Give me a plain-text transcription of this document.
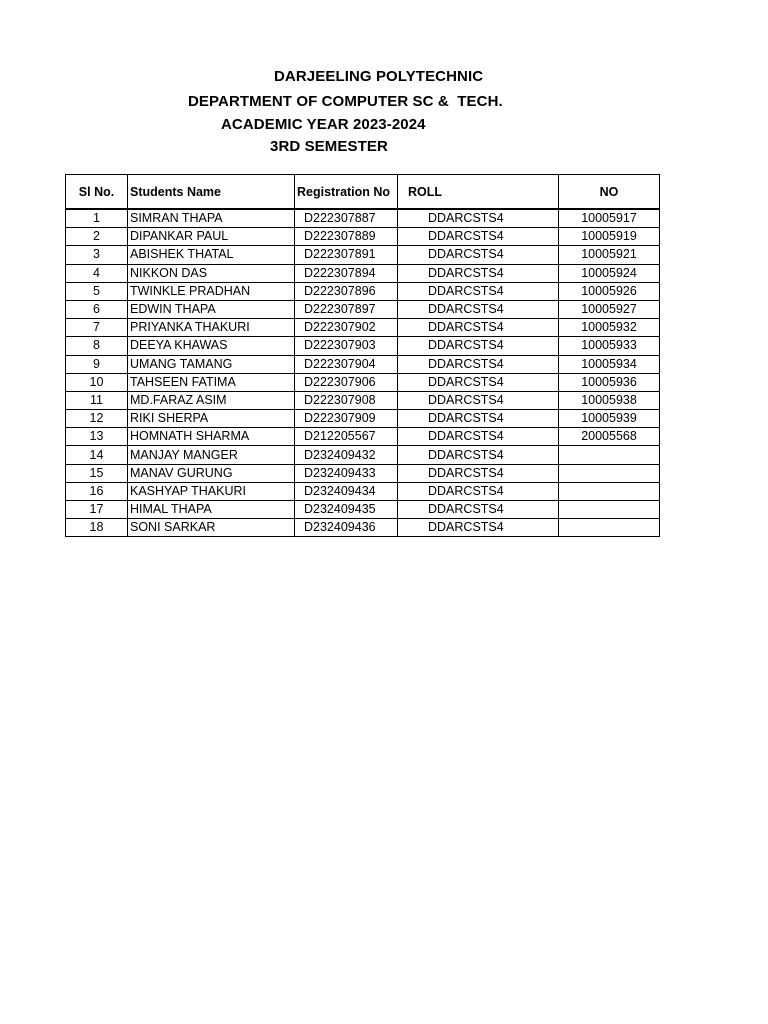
DARJEELING POLYTECHNIC
DEPARTMENT OF COMPUTER SC &  TECH.
ACADEMIC YEAR 2023-2024
3RD SEMESTER
Sl No.	Students Name	Registration No	ROLL	NO
1	SIMRAN THAPA	D222307887	DDARCSTS4	10005917
2	DIPANKAR PAUL	D222307889	DDARCSTS4	10005919
3	ABISHEK THATAL	D222307891	DDARCSTS4	10005921
4	NIKKON DAS	D222307894	DDARCSTS4	10005924
5	TWINKLE PRADHAN	D222307896	DDARCSTS4	10005926
6	EDWIN THAPA	D222307897	DDARCSTS4	10005927
7	PRIYANKA THAKURI	D222307902	DDARCSTS4	10005932
8	DEEYA KHAWAS	D222307903	DDARCSTS4	10005933
9	UMANG TAMANG	D222307904	DDARCSTS4	10005934
10	TAHSEEN FATIMA	D222307906	DDARCSTS4	10005936
11	MD.FARAZ ASIM	D222307908	DDARCSTS4	10005938
12	RIKI SHERPA	D222307909	DDARCSTS4	10005939
13	HOMNATH SHARMA	D212205567	DDARCSTS4	20005568
14	MANJAY MANGER	D232409432	DDARCSTS4	
15	MANAV GURUNG	D232409433	DDARCSTS4	
16	KASHYAP THAKURI	D232409434	DDARCSTS4	
17	HIMAL THAPA	D232409435	DDARCSTS4	
18	SONI SARKAR	D232409436	DDARCSTS4	
